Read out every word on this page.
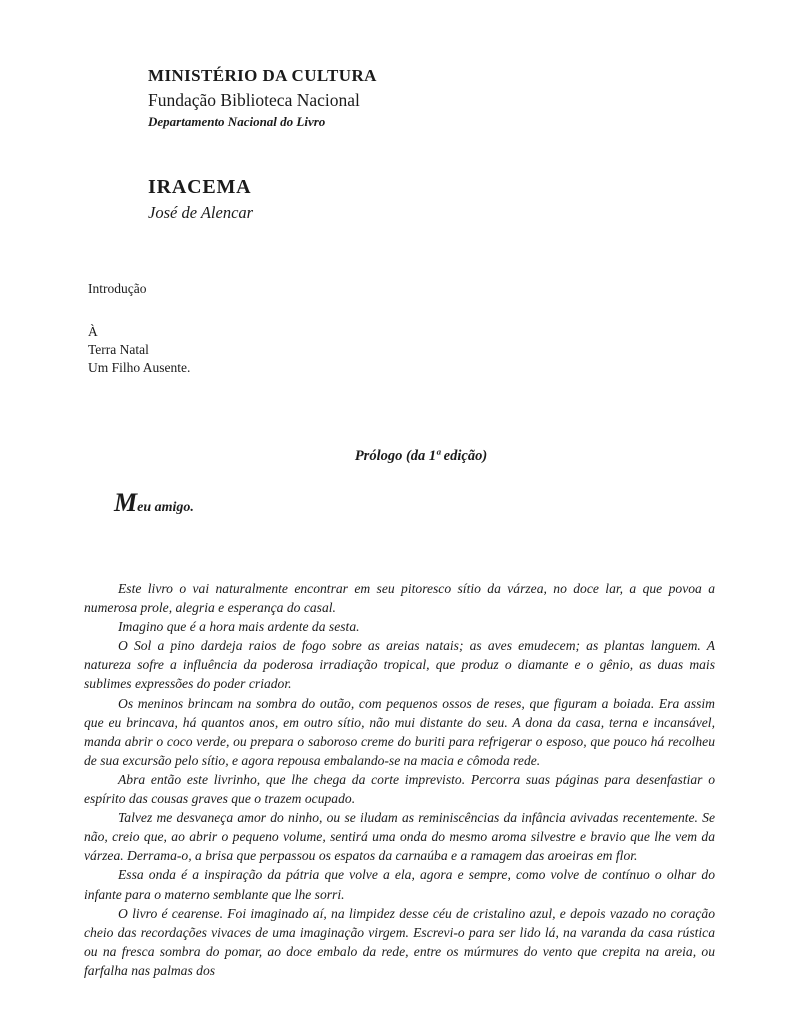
MINISTÉRIO DA CULTURA
Fundação Biblioteca Nacional
Departamento Nacional do Livro
IRACEMA
José de Alencar
Introdução
À
Terra Natal
Um Filho Ausente.
Prólogo (da 1ª edição)
Meu amigo.

Este livro o vai naturalmente encontrar em seu pitoresco sítio da várzea, no doce lar, a que povoa a numerosa prole, alegria e esperança do casal.

Imagino que é a hora mais ardente da sesta.

O Sol a pino dardeja raios de fogo sobre as areias natais; as aves emudecem; as plantas languem. A natureza sofre a influência da poderosa irradiação tropical, que produz o diamante e o gênio, as duas mais sublimes expressões do poder criador.

Os meninos brincam na sombra do outão, com pequenos ossos de reses, que figuram a boiada. Era assim que eu brincava, há quantos anos, em outro sítio, não mui distante do seu. A dona da casa, terna e incansável, manda abrir o coco verde, ou prepara o saboroso creme do buriti para refrigerar o esposo, que pouco há recolheu de sua excursão pelo sítio, e agora repousa embalando-se na macia e cômoda rede.

Abra então este livrinho, que lhe chega da corte imprevisto. Percorra suas páginas para desenfastiar o espírito das cousas graves que o trazem ocupado.

Talvez me desvaneça amor do ninho, ou se iludam as reminiscências da infância avivadas recentemente. Se não, creio que, ao abrir o pequeno volume, sentirá uma onda do mesmo aroma silvestre e bravio que lhe vem da várzea. Derrama-o, a brisa que perpassou os espatos da carnaúba e a ramagem das aroeiras em flor.

Essa onda é a inspiração da pátria que volve a ela, agora e sempre, como volve de contínuo o olhar do infante para o materno semblante que lhe sorri.

O livro é cearense. Foi imaginado aí, na limpidez desse céu de cristalino azul, e depois vazado no coração cheio das recordações vivaces de uma imaginação virgem. Escrevi-o para ser lido lá, na varanda da casa rústica ou na fresca sombra do pomar, ao doce embalo da rede, entre os múrmures do vento que crepita na areia, ou farfalha nas palmas dos
